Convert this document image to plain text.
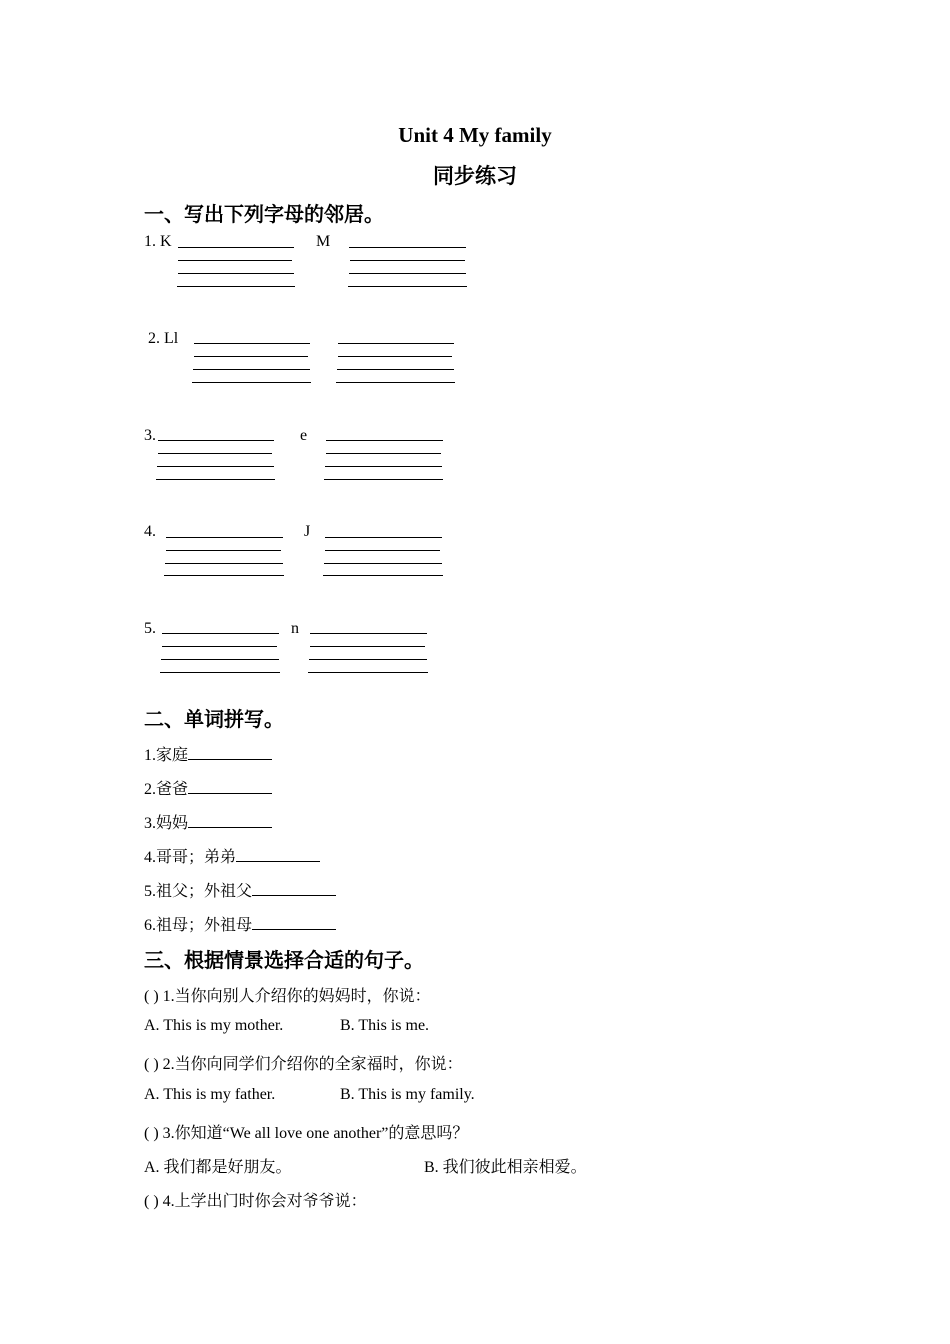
Unit 4 My family
同步练习
一、写出下列字母的邻居。
1. K	M
2. Ll
3.	e
4.	J
5.	n
二、单词拼写。
1.家庭
2.爸爸
3.妈妈
4.哥哥；弟弟
5.祖父；外祖父
6.祖母；外祖母
三、根据情景选择合适的句子。
( ) 1.当你向别人介绍你的妈妈时，你说：
A. This is my mother.	B. This is me.
( ) 2.当你向同学们介绍你的全家福时，你说：
A. This is my father.	B. This is my family.
( ) 3.你知道“We all love one another”的意思吗？
A. 我们都是好朋友。	B. 我们彼此相亲相爱。
( ) 4.上学出门时你会对爷爷说：
